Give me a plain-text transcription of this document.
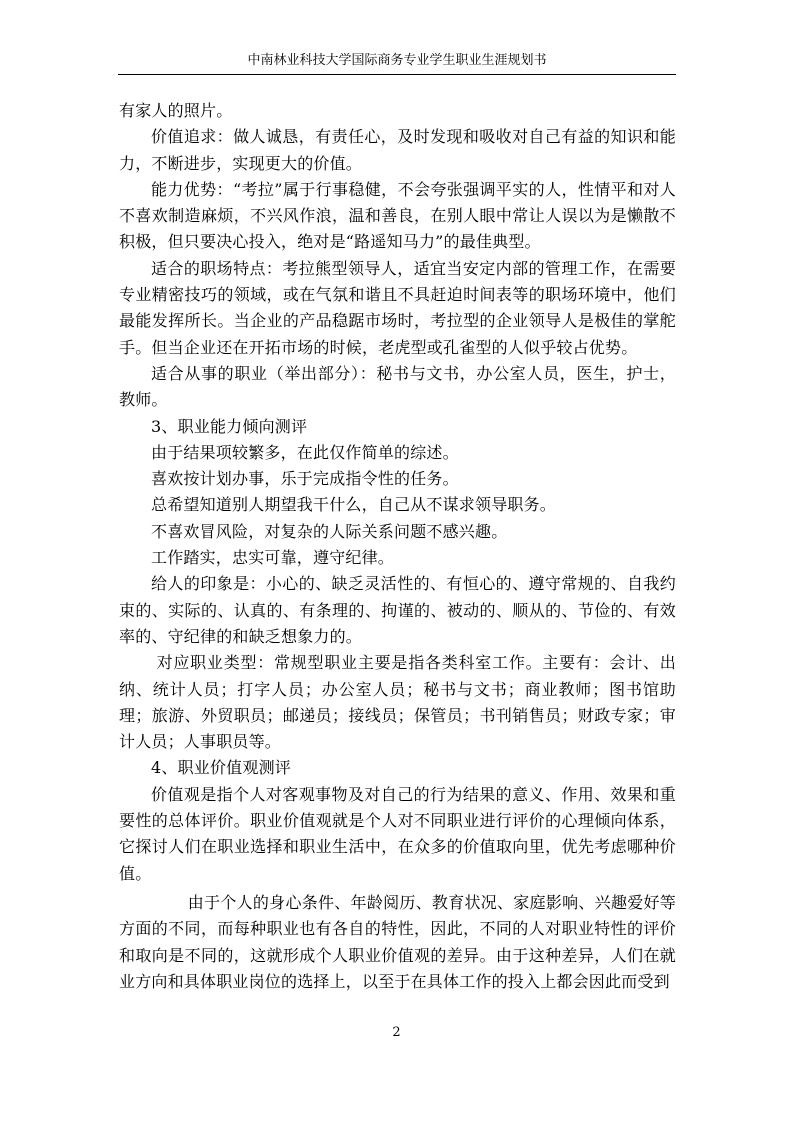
中南林业科技大学国际商务专业学生职业生涯规划书

有家人的照片。

价值追求：做人诚恳，有责任心，及时发现和吸收对自己有益的知识和能力，不断进步，实现更大的价值。

能力优势：“考拉”属于行事稳健，不会夸张强调平实的人，性情平和对人不喜欢制造麻烦，不兴风作浪，温和善良，在别人眼中常让人误以为是懒散不积极，但只要决心投入，绝对是“路遥知马力”的最佳典型。

适合的职场特点：考拉熊型领导人，适宜当安定内部的管理工作，在需要专业精密技巧的领域，或在气氛和谐且不具赶迫时间表等的职场环境中，他们最能发挥所长。当企业的产品稳踞市场时，考拉型的企业领导人是极佳的掌舵手。但当企业还在开拓市场的时候，老虎型或孔雀型的人似乎较占优势。

适合从事的职业（举出部分）：秘书与文书，办公室人员，医生，护士，教师。

3、职业能力倾向测评

由于结果项较繁多，在此仅作简单的综述。

喜欢按计划办事，乐于完成指令性的任务。

总希望知道别人期望我干什么，自己从不谋求领导职务。

不喜欢冒风险，对复杂的人际关系问题不感兴趣。

工作踏实，忠实可靠，遵守纪律。

给人的印象是：小心的、缺乏灵活性的、有恒心的、遵守常规的、自我约束的、实际的、认真的、有条理的、拘谨的、被动的、顺从的、节俭的、有效率的、守纪律的和缺乏想象力的。

对应职业类型：常规型职业主要是指各类科室工作。主要有：会计、出纳、统计人员；打字人员；办公室人员；秘书与文书；商业教师；图书馆助理；旅游、外贸职员；邮递员；接线员；保管员；书刊销售员；财政专家；审计人员；人事职员等。

4、职业价值观测评

价值观是指个人对客观事物及对自己的行为结果的意义、作用、效果和重要性的总体评价。职业价值观就是个人对不同职业进行评价的心理倾向体系，它探讨人们在职业选择和职业生活中，在众多的价值取向里，优先考虑哪种价值。

由于个人的身心条件、年龄阅历、教育状况、家庭影响、兴趣爱好等方面的不同，而每种职业也有各自的特性，因此，不同的人对职业特性的评价和取向是不同的，这就形成个人职业价值观的差异。由于这种差异，人们在就业方向和具体职业岗位的选择上，以至于在具体工作的投入上都会因此而受到

2
